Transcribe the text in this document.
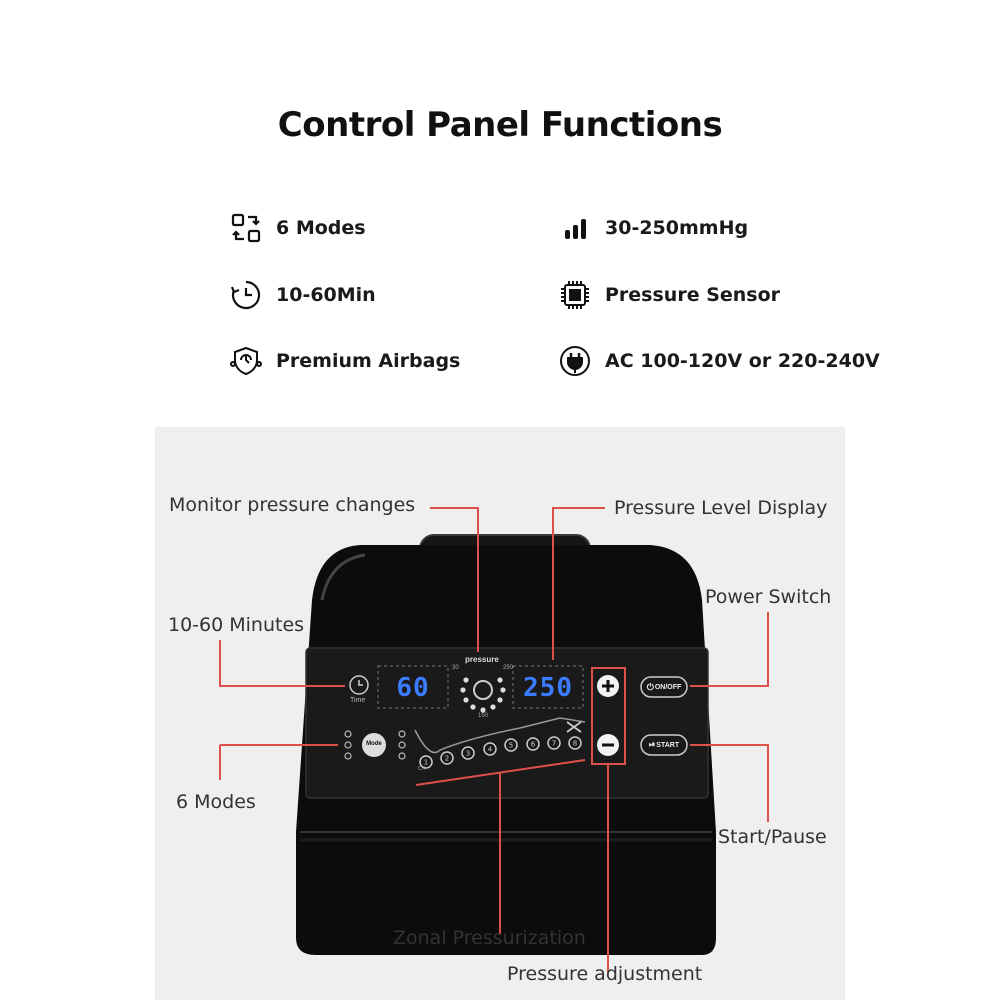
Control Panel Functions
6 Modes	30-250mmHg
10-60Min	Pressure Sensor
Premium Airbags	AC 100-120V or 220-240V
1 2
3	4 5	6 7 8
60	250
Time
pressure
30	250
150
Mode
⏻ ON/OFF
⏯ START
CH
Monitor pressure changes	Pressure Level Display
Power Switch
10-60 Minutes
6 Modes
Start/Pause
Zonal Pressurization
Pressure adjustment
